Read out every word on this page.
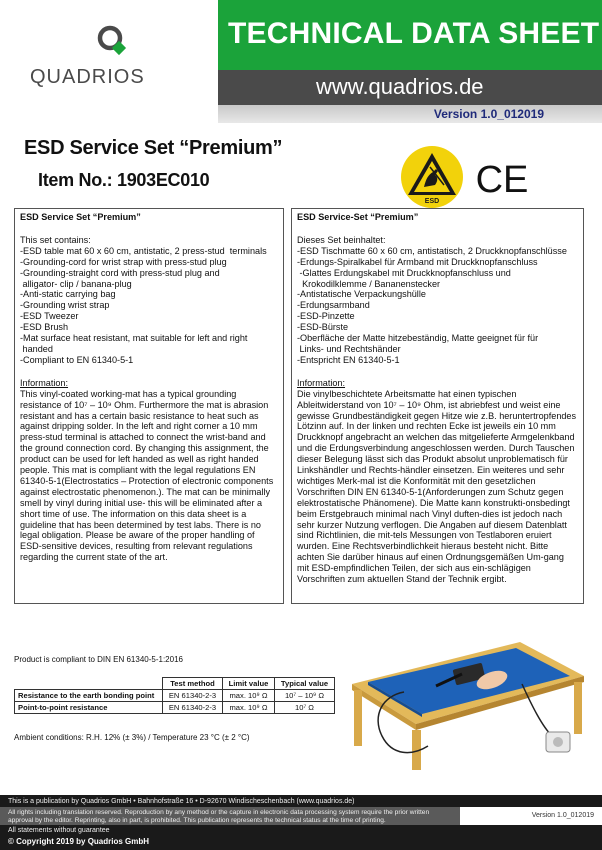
QUADRIOS
TECHNICAL DATA SHEET
www.quadrios.de
Version 1.0_012019
ESD Service Set “Premium”
Item No.: 1903EC010
ESD
CE
ESD Service Set “Premium”
This set contains:
-ESD table mat 60 x 60 cm, antistatic, 2 press-stud  terminals
-Grounding-cord for wrist strap with press-stud plug
-Grounding-straight cord with press-stud plug and
alligator- clip / banana-plug
-Anti-static carrying bag
-Grounding wrist strap
-ESD Tweezer
-ESD Brush
-Mat surface heat resistant, mat suitable for left and right
handed
-Compliant to EN 61340-5-1
Information:
This vinyl-coated working-mat has a typical grounding resistance of 10⁷ – 10⁹ Ohm. Furthermore the mat is abrasion resistant and has a certain basic resistance to heat such as against dripping solder. In the left and right corner a 10 mm press-stud terminal is attached to connect the wrist-band and the ground connection cord. By changing this assignment, the product can be used for left handed as well as right handed people. This mat is compliant with the legal regulations EN 61340-5-1(Electrostatics – Protection of electronic components against electrostatic phenomenon.). The mat can be minimally smell by vinyl during initial use- this will be eliminated after a short time of use. The information on this data sheet is a guideline that has been determined by test labs. There is no legal obligation. Please be aware of the proper handling of ESD-sensitive devices, resulting from relevant regulations regarding the current state of the art.
ESD Service-Set “Premium”
Dieses Set beinhaltet:
-ESD Tischmatte 60 x 60 cm, antistatisch, 2 Druckknopfanschlüsse
-Erdungs-Spiralkabel für Armband mit Druckknopfanschluss
-Glattes Erdungskabel mit Druckknopfanschluss und
Krokodilklemme / Bananenstecker
-Antistatische Verpackungshülle
-Erdungsarmband
-ESD-Pinzette
-ESD-Bürste
-Oberfläche der Matte hitzebeständig, Matte geeignet für für
Links- und Rechtshänder
-Entspricht EN 61340-5-1
Information:
Die vinylbeschichtete Arbeitsmatte hat einen typischen Ableitwiderstand von 10⁷ – 10⁹ Ohm, ist abriebfest und weist eine gewisse Grundbeständigkeit gegen Hitze wie z.B. heruntertropfendes Lötzinn auf. In der linken und rechten Ecke ist jeweils ein 10 mm Druckknopf angebracht an welchen das mitgelieferte Armgelenkband und die Erdungsverbindung angeschlossen werden. Durch Tauschen dieser Belegung lässt sich das Produkt absolut unproblematisch für Linkshändler und Rechts-händler einsetzen. Ein weiteres und sehr wichtiges Merk-mal ist die Konformität mit den gesetzlichen Vorschriften DIN EN 61340-5-1(Anforderungen zum Schutz gegen elektrostatische Phänomene). Die Matte kann konstrukti-onsbedingt beim Erstgebrauch minimal nach Vinyl duften-dies ist jedoch nach sehr kurzer Nutzung verflogen. Die Angaben auf diesem Datenblatt sind Richtlinien, die mit-tels Messungen von Testlaboren eruiert wurden. Eine Rechtsverbindlichkeit hieraus besteht nicht. Bitte achten Sie darüber hinaus auf einen Ordnungsgemäßen Um-gang mit ESD-empfindlichen Teilen, der sich aus ein-schlägigen Vorschriften zum aktuellen Stand der Technik ergibt.
Product is compliant to DIN EN 61340-5-1:2016
	Test method	Limit value	Typical value
Resistance to the earth bonding point	EN 61340-2-3	max. 10⁹ Ω	10⁷ – 10⁹ Ω
Point-to-point resistance	EN 61340-2-3	max. 10⁹ Ω	10⁷ Ω
Ambient conditions: R.H. 12% (± 3%) / Temperature 23 °C (± 2 °C)
This is a publication by Quadrios GmbH • Bahnhofstraße 16 • D-92670 Windischeschenbach (www.quadrios.de)
All rights including translation reserved. Reproduction by any method or the capture in electronic data processing system require the prior written approval by the editor. Reprinting, also in part, is prohibited. This publication represents the technical status at the time of printing.
Version 1.0_012019
All statements without guarantee
© Copyright 2019 by Quadrios GmbH
